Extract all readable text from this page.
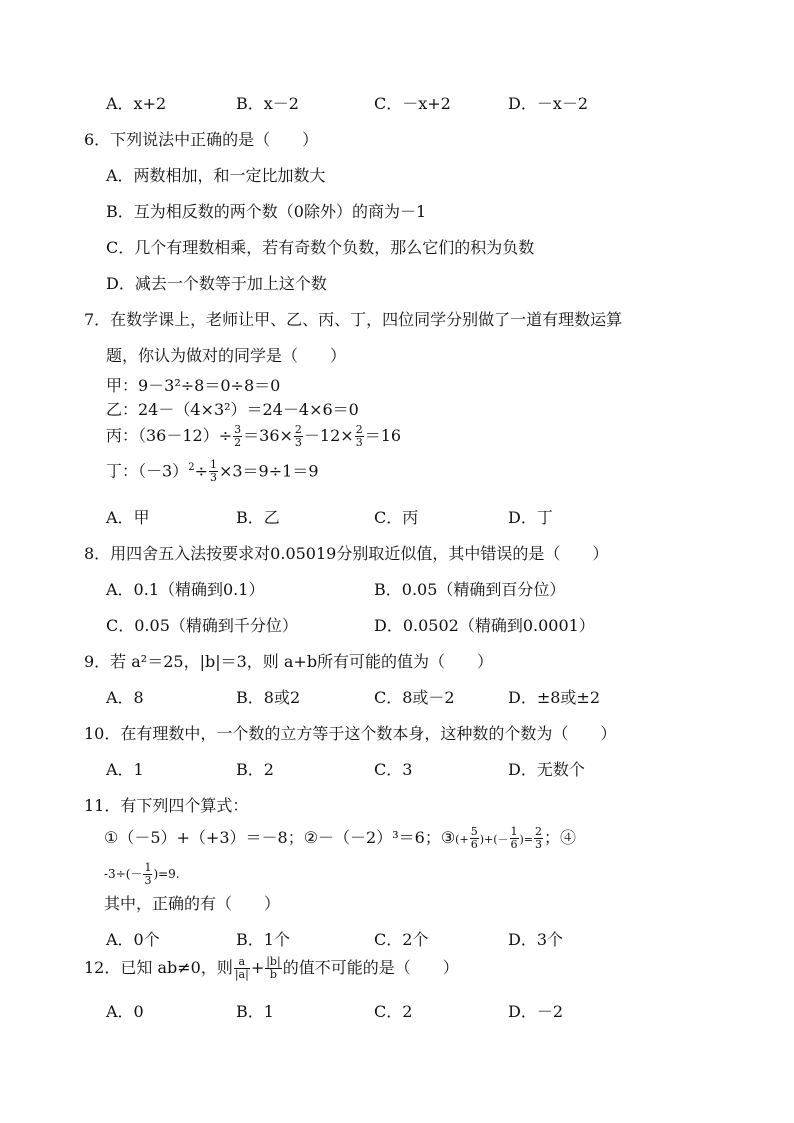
A．x+2	B．x－2	C．－x+2	D．－x－2
6．下列说法中正确的是（　　）
A．两数相加，和一定比加数大
B．互为相反数的两个数（0除外）的商为－1
C．几个有理数相乘，若有奇数个负数，那么它们的积为负数
D．减去一个数等于加上这个数
7．在数学课上，老师让甲、乙、丙、丁，四位同学分别做了一道有理数运算
题，你认为做对的同学是（　　）
甲：9－3²÷8＝0÷8＝0
乙：24－（4×3²）＝24－4×6＝0
丙：$(36-12)\div \frac{3}{2} =36\times \frac{2}{3} -12\times \frac{2}{3} =16$
丁：$(-3)^2\div \frac{1}{3} \times 3=9\div 1=9$
A．甲	B．乙	C．丙	D．丁
8．用四舍五入法按要求对0.05019分别取近似值，其中错误的是（　　）
A．0.1（精确到0.1）	B．0.05（精确到百分位）
C．0.05（精确到千分位）	D．0.0502（精确到0.0001）
9．若 a²＝25，|b|＝3，则 a+b所有可能的值为（　　）
A．8	B．8或2	C．8或－2	D．±8或±2
10．在有理数中，一个数的立方等于这个数本身，这种数的个数为（　　）
A．1	B．2	C．3	D．无数个
11．有下列四个算式：
①（－5）+（+3）＝－8；②－（－2）³＝6；③(+ $\frac{5}{6}$ )+(－ $\frac{1}{6}$ )= $\frac{2}{3}$ ；④
$-3\div(- \frac{1}{3} )=9$.
其中，正确的有（　　）
A．0个	B．1个	C．2个	D．3个
12．已知 ab≠0，则 $\frac{a}{|a|} + \frac{|b|}{b}$ 的值不可能的是（　　）
A．0	B．1	C．2	D．－2
